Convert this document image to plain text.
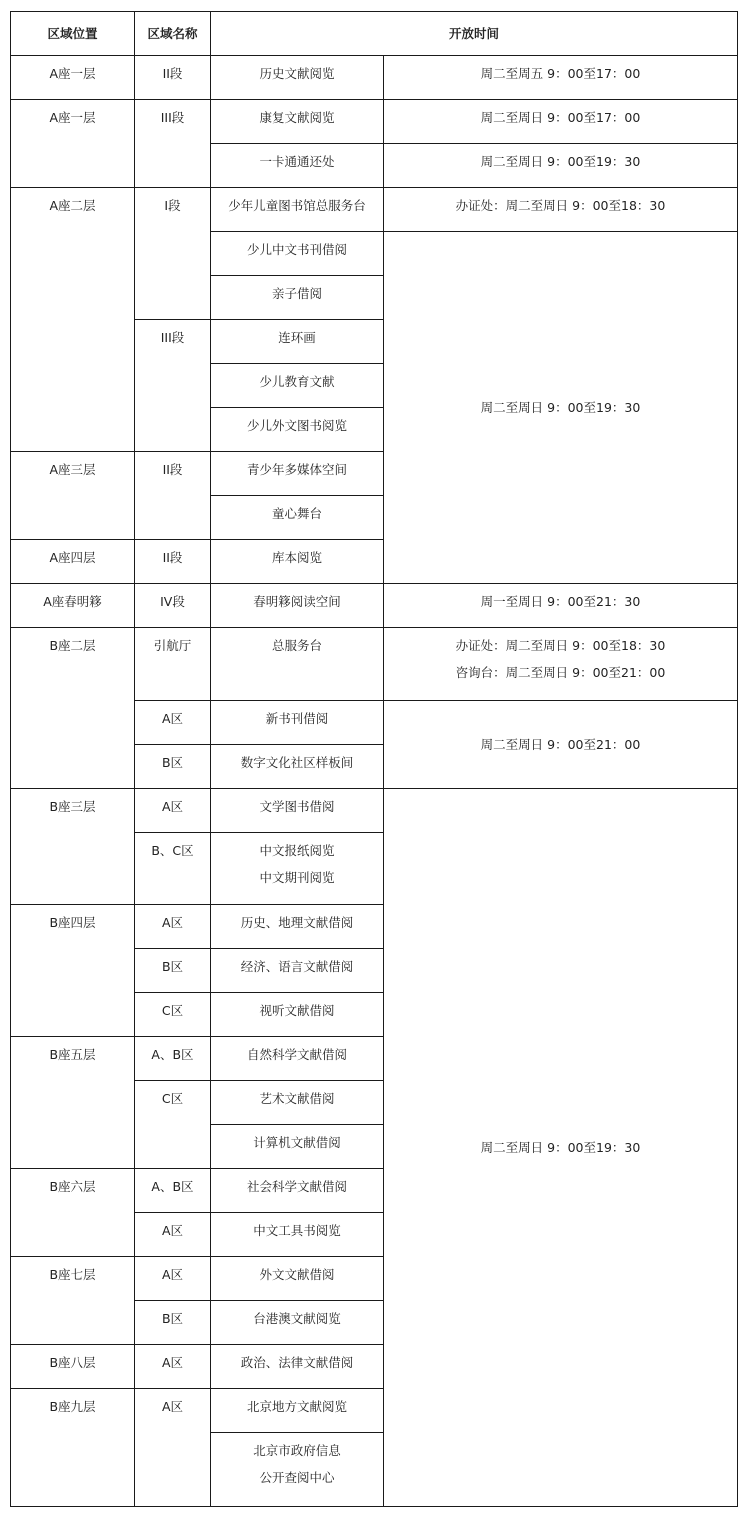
区域位置	区域名称	开放时间	
A座一层	II段	历史文献阅览	周二至周五 9：00至17：00
A座一层	III段	康复文献阅览	周二至周日 9：00至17：00
		一卡通通还处	周二至周日 9：00至19：30
A座二层	I段	少年儿童图书馆总服务台	办证处：周二至周日 9：00至18：30
		少儿中文书刊借阅	周二至周日 9：00至19：30
		亲子借阅	
	III段	连环画	
		少儿教育文献	
		少儿外文图书阅览	
A座三层	II段	青少年多媒体空间	
		童心舞台	
A座四层	II段	库本阅览	
A座春明簃	IV段	春明簃阅读空间	周一至周日 9：00至21：30
B座二层	引航厅	总服务台	办证处：周二至周日 9：00至18：30
咨询台：周二至周日 9：00至21：00

	A区	新书刊借阅	周二至周日 9：00至21：00
	B区	数字文化社区样板间	
B座三层	A区	文学图书借阅	周二至周日 9：00至19：30
	B、C区	中文报纸阅览
中文期刊阅览	

B座四层	A区	历史、地理文献借阅	
	B区	经济、语言文献借阅	
	C区	视听文献借阅	
B座五层	A、B区	自然科学文献借阅	
	C区	艺术文献借阅	
		计算机文献借阅	
B座六层	A、B区	社会科学文献借阅	
	A区	中文工具书阅览	
B座七层	A区	外文文献借阅	
	B区	台港澳文献阅览	
B座八层	A区	政治、法律文献借阅	
B座九层	A区	北京地方文献阅览	

		北京市政府信息
公开查阅中心	
